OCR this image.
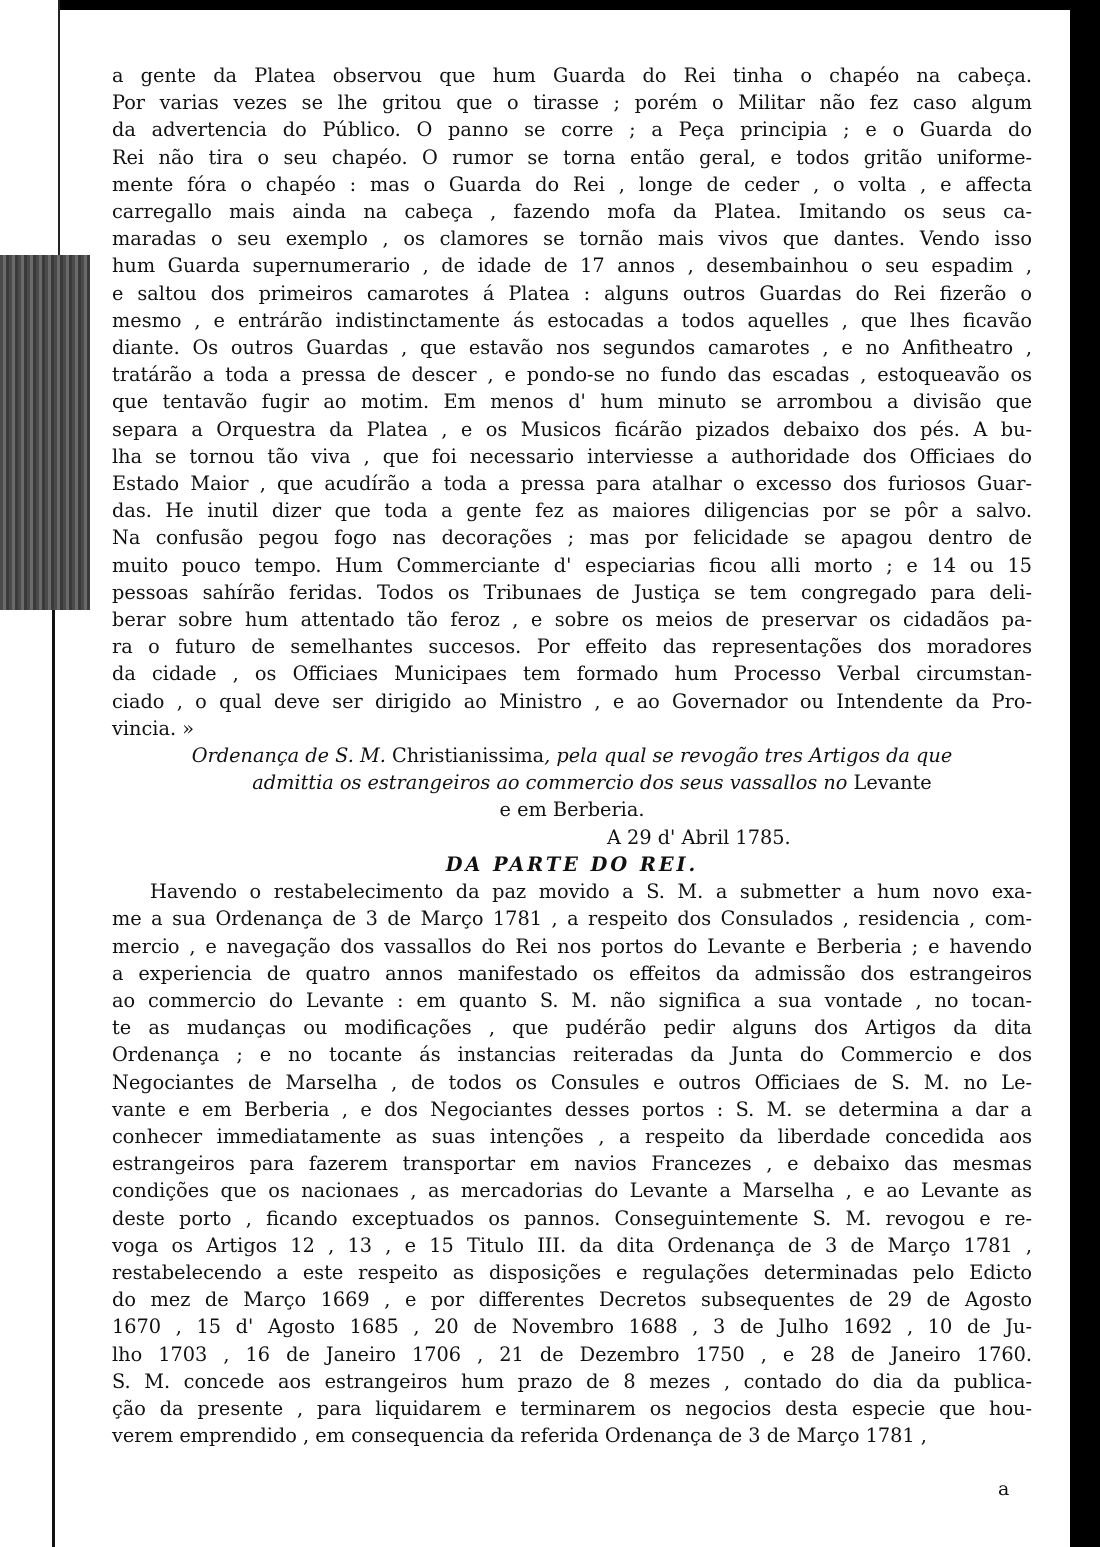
a gente da Platea observou que hum Guarda do Rei tinha o chapéo na cabeça.
Por varias vezes se lhe gritou que o tirasse ; porém o Militar não fez caso algum
da advertencia do Público. O panno se corre ; a Peça principia ; e o Guarda do
Rei não tira o seu chapéo. O rumor se torna então geral, e todos gritão uniforme-
mente fóra o chapéo : mas o Guarda do Rei , longe de ceder , o volta , e affecta
carregallo mais ainda na cabeça , fazendo mofa da Platea. Imitando os seus ca-
maradas o seu exemplo , os clamores se tornão mais vivos que dantes. Vendo isso
hum Guarda supernumerario , de idade de 17 annos , desembainhou o seu espadim ,
e saltou dos primeiros camarotes á Platea : alguns outros Guardas do Rei fizerão o
mesmo , e entrárão indistinctamente ás estocadas a todos aquelles , que lhes ficavão
diante. Os outros Guardas , que estavão nos segundos camarotes , e no Anfitheatro ,
tratárão a toda a pressa de descer , e pondo-se no fundo das escadas , estoqueavão os
que tentavão fugir ao motim. Em menos d' hum minuto se arrombou a divisão que
separa a Orquestra da Platea , e os Musicos ficárão pizados debaixo dos pés. A bu-
lha se tornou tão viva , que foi necessario interviesse a authoridade dos Officiaes do
Estado Maior , que acudírão a toda a pressa para atalhar o excesso dos furiosos Guar-
das. He inutil dizer que toda a gente fez as maiores diligencias por se pôr a salvo.
Na confusão pegou fogo nas decorações ; mas por felicidade se apagou dentro de
muito pouco tempo. Hum Commerciante d' especiarias ficou alli morto ; e 14 ou 15
pessoas sahírão feridas. Todos os Tribunaes de Justiça se tem congregado para deli-
berar sobre hum attentado tão feroz , e sobre os meios de preservar os cidadãos pa-
ra o futuro de semelhantes succesos. Por effeito das representações dos moradores
da cidade , os Officiaes Municipaes tem formado hum Processo Verbal circumstan-
ciado , o qual deve ser dirigido ao Ministro , e ao Governador ou Intendente da Pro-
vincia. »
Ordenança de S. M. Christianissima, pela qual se revogão tres Artigos da que
admittia os estrangeiros ao commercio dos seus vassallos no Levante
e em Berberia.
A 29 d' Abril 1785.
DA PARTE DO REI.
Havendo o restabelecimento da paz movido a S. M. a submetter a hum novo exa-
me a sua Ordenança de 3 de Março 1781 , a respeito dos Consulados , residencia , com-
mercio , e navegação dos vassallos do Rei nos portos do Levante e Berberia ; e havendo
a experiencia de quatro annos manifestado os effeitos da admissão dos estrangeiros
ao commercio do Levante : em quanto S. M. não significa a sua vontade , no tocan-
te as mudanças ou modificações , que pudérão pedir alguns dos Artigos da dita
Ordenança ; e no tocante ás instancias reiteradas da Junta do Commercio e dos
Negociantes de Marselha , de todos os Consules e outros Officiaes de S. M. no Le-
vante e em Berberia , e dos Negociantes desses portos : S. M. se determina a dar a
conhecer immediatamente as suas intenções , a respeito da liberdade concedida aos
estrangeiros para fazerem transportar em navios Francezes , e debaixo das mesmas
condições que os nacionaes , as mercadorias do Levante a Marselha , e ao Levante as
deste porto , ficando exceptuados os pannos. Conseguintemente S. M. revogou e re-
voga os Artigos 12 , 13 , e 15 Titulo III. da dita Ordenança de 3 de Março 1781 ,
restabelecendo a este respeito as disposições e regulações determinadas pelo Edicto
do mez de Março 1669 , e por differentes Decretos subsequentes de 29 de Agosto
1670 , 15 d' Agosto 1685 , 20 de Novembro 1688 , 3 de Julho 1692 , 10 de Ju-
lho 1703 , 16 de Janeiro 1706 , 21 de Dezembro 1750 , e 28 de Janeiro 1760.
S. M. concede aos estrangeiros hum prazo de 8 mezes , contado do dia da publica-
ção da presente , para liquidarem e terminarem os negocios desta especie que hou-
verem emprendido , em consequencia da referida Ordenança de 3 de Março 1781 ,
a
